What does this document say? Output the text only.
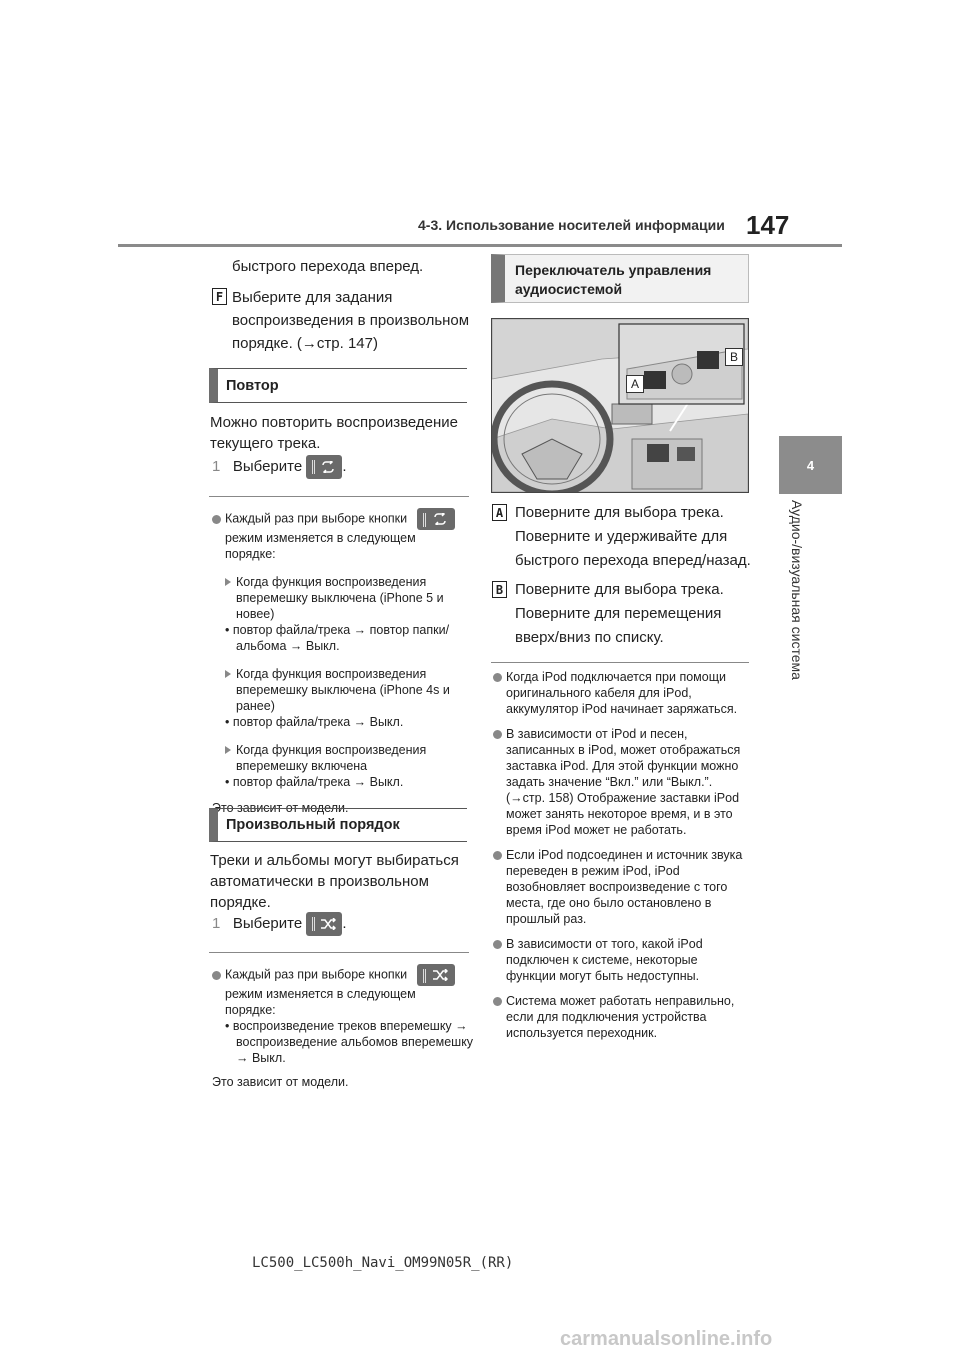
4-3. Использование носителей информации 147
4
Аудио-/визуальная система
быстрого перехода вперед.
F Выберите для задания
воспроизведения в произвольном
порядке. (→стр. 147)
Повтор
Можно повторить воспроизведение
текущего трека.
1 Выберите	.
Каждый раз при выборе кнопки
режим изменяется в следующем
порядке:
Когда функция воспроизведения
вперемешку выключена (iPhone 5 и
новее)
• повтор файла/трека → повтор папки/
альбома → Выкл.
Когда функция воспроизведения
вперемешку выключена (iPhone 4s и
ранее)
• повтор файла/трека → Выкл.
Когда функция воспроизведения
вперемешку включена
• повтор файла/трека → Выкл.
Это зависит от модели.
Произвольный порядок
Треки и альбомы могут выбираться
автоматически в произвольном
порядке.
1 Выберите	.
Каждый раз при выборе кнопки
режим изменяется в следующем
порядке:
• воспроизведение треков вперемешку →
воспроизведение альбомов вперемешку
→ Выкл.
Это зависит от модели.
Переключатель управления
аудиосистемой
A
B
A Поверните для выбора трека.
Поверните и удерживайте для
быстрого перехода вперед/назад.
B Поверните для выбора трека.
Поверните для перемещения
вверх/вниз по списку.
Когда iPod подключается при помощи
оригинального кабеля для iPod,
аккумулятор iPod начинает заряжаться.
В зависимости от iPod и песен,
записанных в iPod, может отображаться
заставка iPod. Для этой функции можно
задать значение “Вкл.” или “Выкл.”.
(→стр. 158) Отображение заставки iPod
может занять некоторое время, и в это
время iPod может не работать.
Если iPod подсоединен и источник звука
переведен в режим iPod, iPod
возобновляет воспроизведение с того
места, где оно было остановлено в
прошлый раз.
В зависимости от того, какой iPod
подключен к системе, некоторые
функции могут быть недоступны.
Система может работать неправильно,
если для подключения устройства
используется переходник.
LC500_LC500h_Navi_OM99N05R_(RR)
carmanualsonline.info
